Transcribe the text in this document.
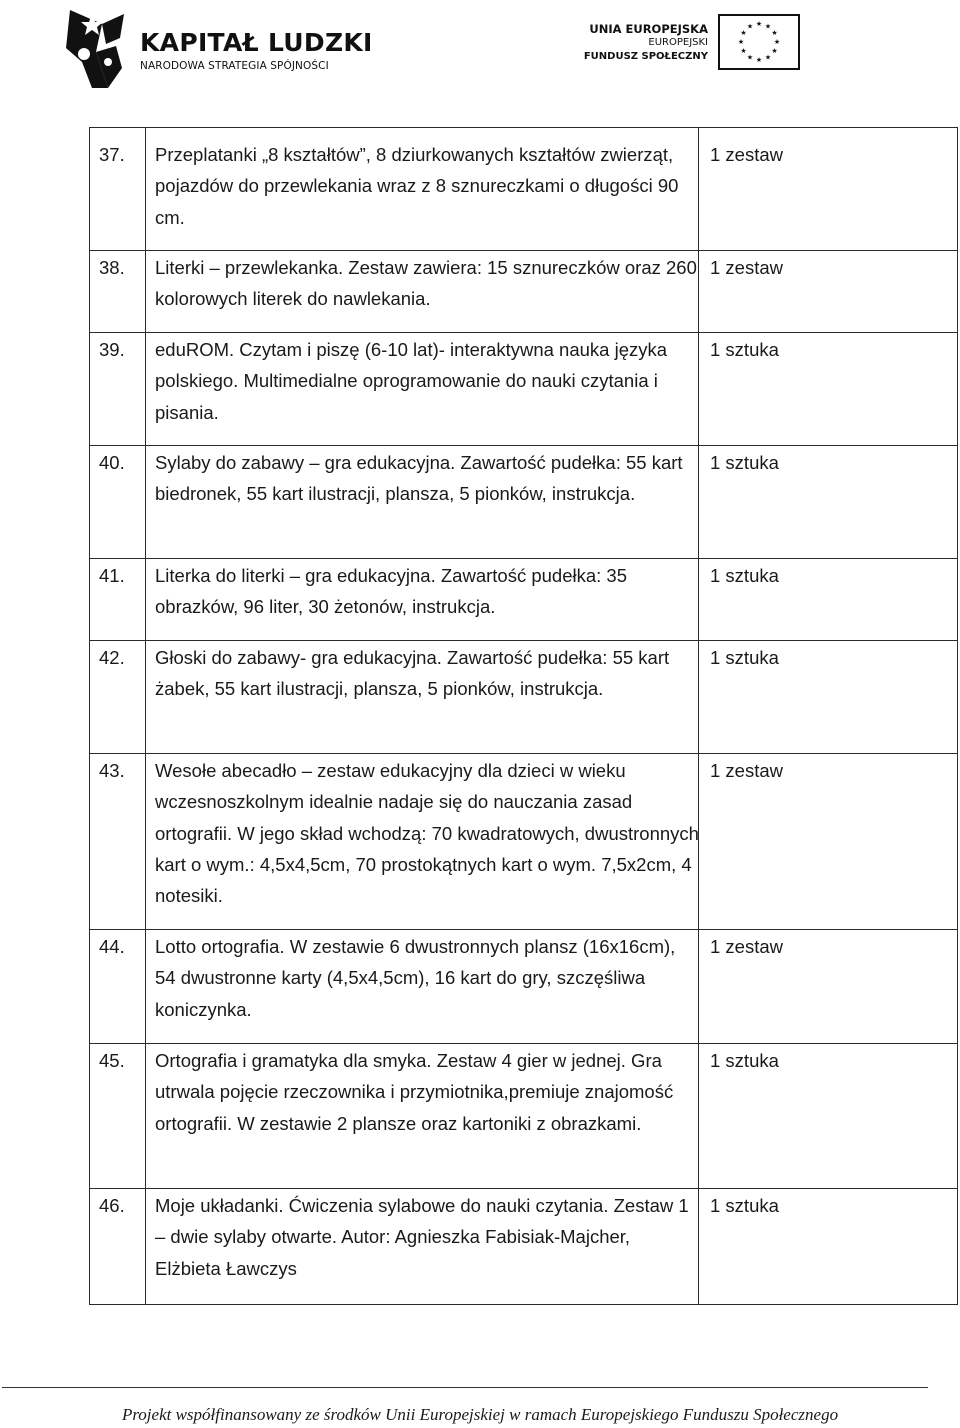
KAPITAŁ LUDZKI
NARODOWA STRATEGIA SPÓJNOŚCI
UNIA EUROPEJSKA
EUROPEJSKI
FUNDUSZ SPOŁECZNY
★ ★
★
★
★
★
★
★
★
★
★
★
37.	Przeplatanki „8 kształtów”, 8 dziurkowanych kształtów zwierząt, pojazdów do przewlekania wraz z 8 sznureczkami o długości 90 cm.
1 zestaw
38.	Literki – przewlekanka. Zestaw zawiera: 15 sznureczków oraz 260 kolorowych literek do nawlekania.
1 zestaw
39.	eduROM. Czytam i piszę (6-10 lat)- interaktywna nauka języka polskiego. Multimedialne oprogramowanie do nauki czytania i pisania.
1 sztuka
40.	Sylaby do zabawy – gra edukacyjna. Zawartość pudełka: 55 kart biedronek, 55 kart ilustracji, plansza, 5 pionków, instrukcja.
1 sztuka
41.	Literka do literki – gra edukacyjna. Zawartość pudełka: 35 obrazków, 96 liter, 30 żetonów, instrukcja.
1 sztuka
42.	Głoski do zabawy- gra edukacyjna. Zawartość pudełka: 55 kart żabek, 55 kart ilustracji, plansza, 5 pionków, instrukcja.
1 sztuka
43.	Wesołe abecadło – zestaw edukacyjny dla dzieci w wieku wczesnoszkolnym idealnie nadaje się do nauczania zasad ortografii. W jego skład wchodzą: 70 kwadratowych, dwustronnych kart o wym.: 4,5x4,5cm, 70 prostokątnych kart o wym. 7,5x2cm, 4 notesiki.
1 zestaw
44.	Lotto ortografia. W zestawie 6 dwustronnych plansz (16x16cm), 54 dwustronne karty (4,5x4,5cm), 16 kart do gry, szczęśliwa koniczynka.
1 zestaw
45.	Ortografia i gramatyka dla smyka. Zestaw 4 gier w jednej. Gra utrwala pojęcie rzeczownika i przymiotnika,premiuje znajomość ortografii. W zestawie 2 plansze oraz kartoniki z obrazkami.
1 sztuka
46.	Moje układanki. Ćwiczenia sylabowe do nauki czytania. Zestaw 1 – dwie sylaby otwarte. Autor: Agnieszka Fabisiak-Majcher, Elżbieta Ławczys
1 sztuka
Projekt współfinansowany ze środków Unii Europejskiej w ramach Europejskiego Funduszu Społecznego
